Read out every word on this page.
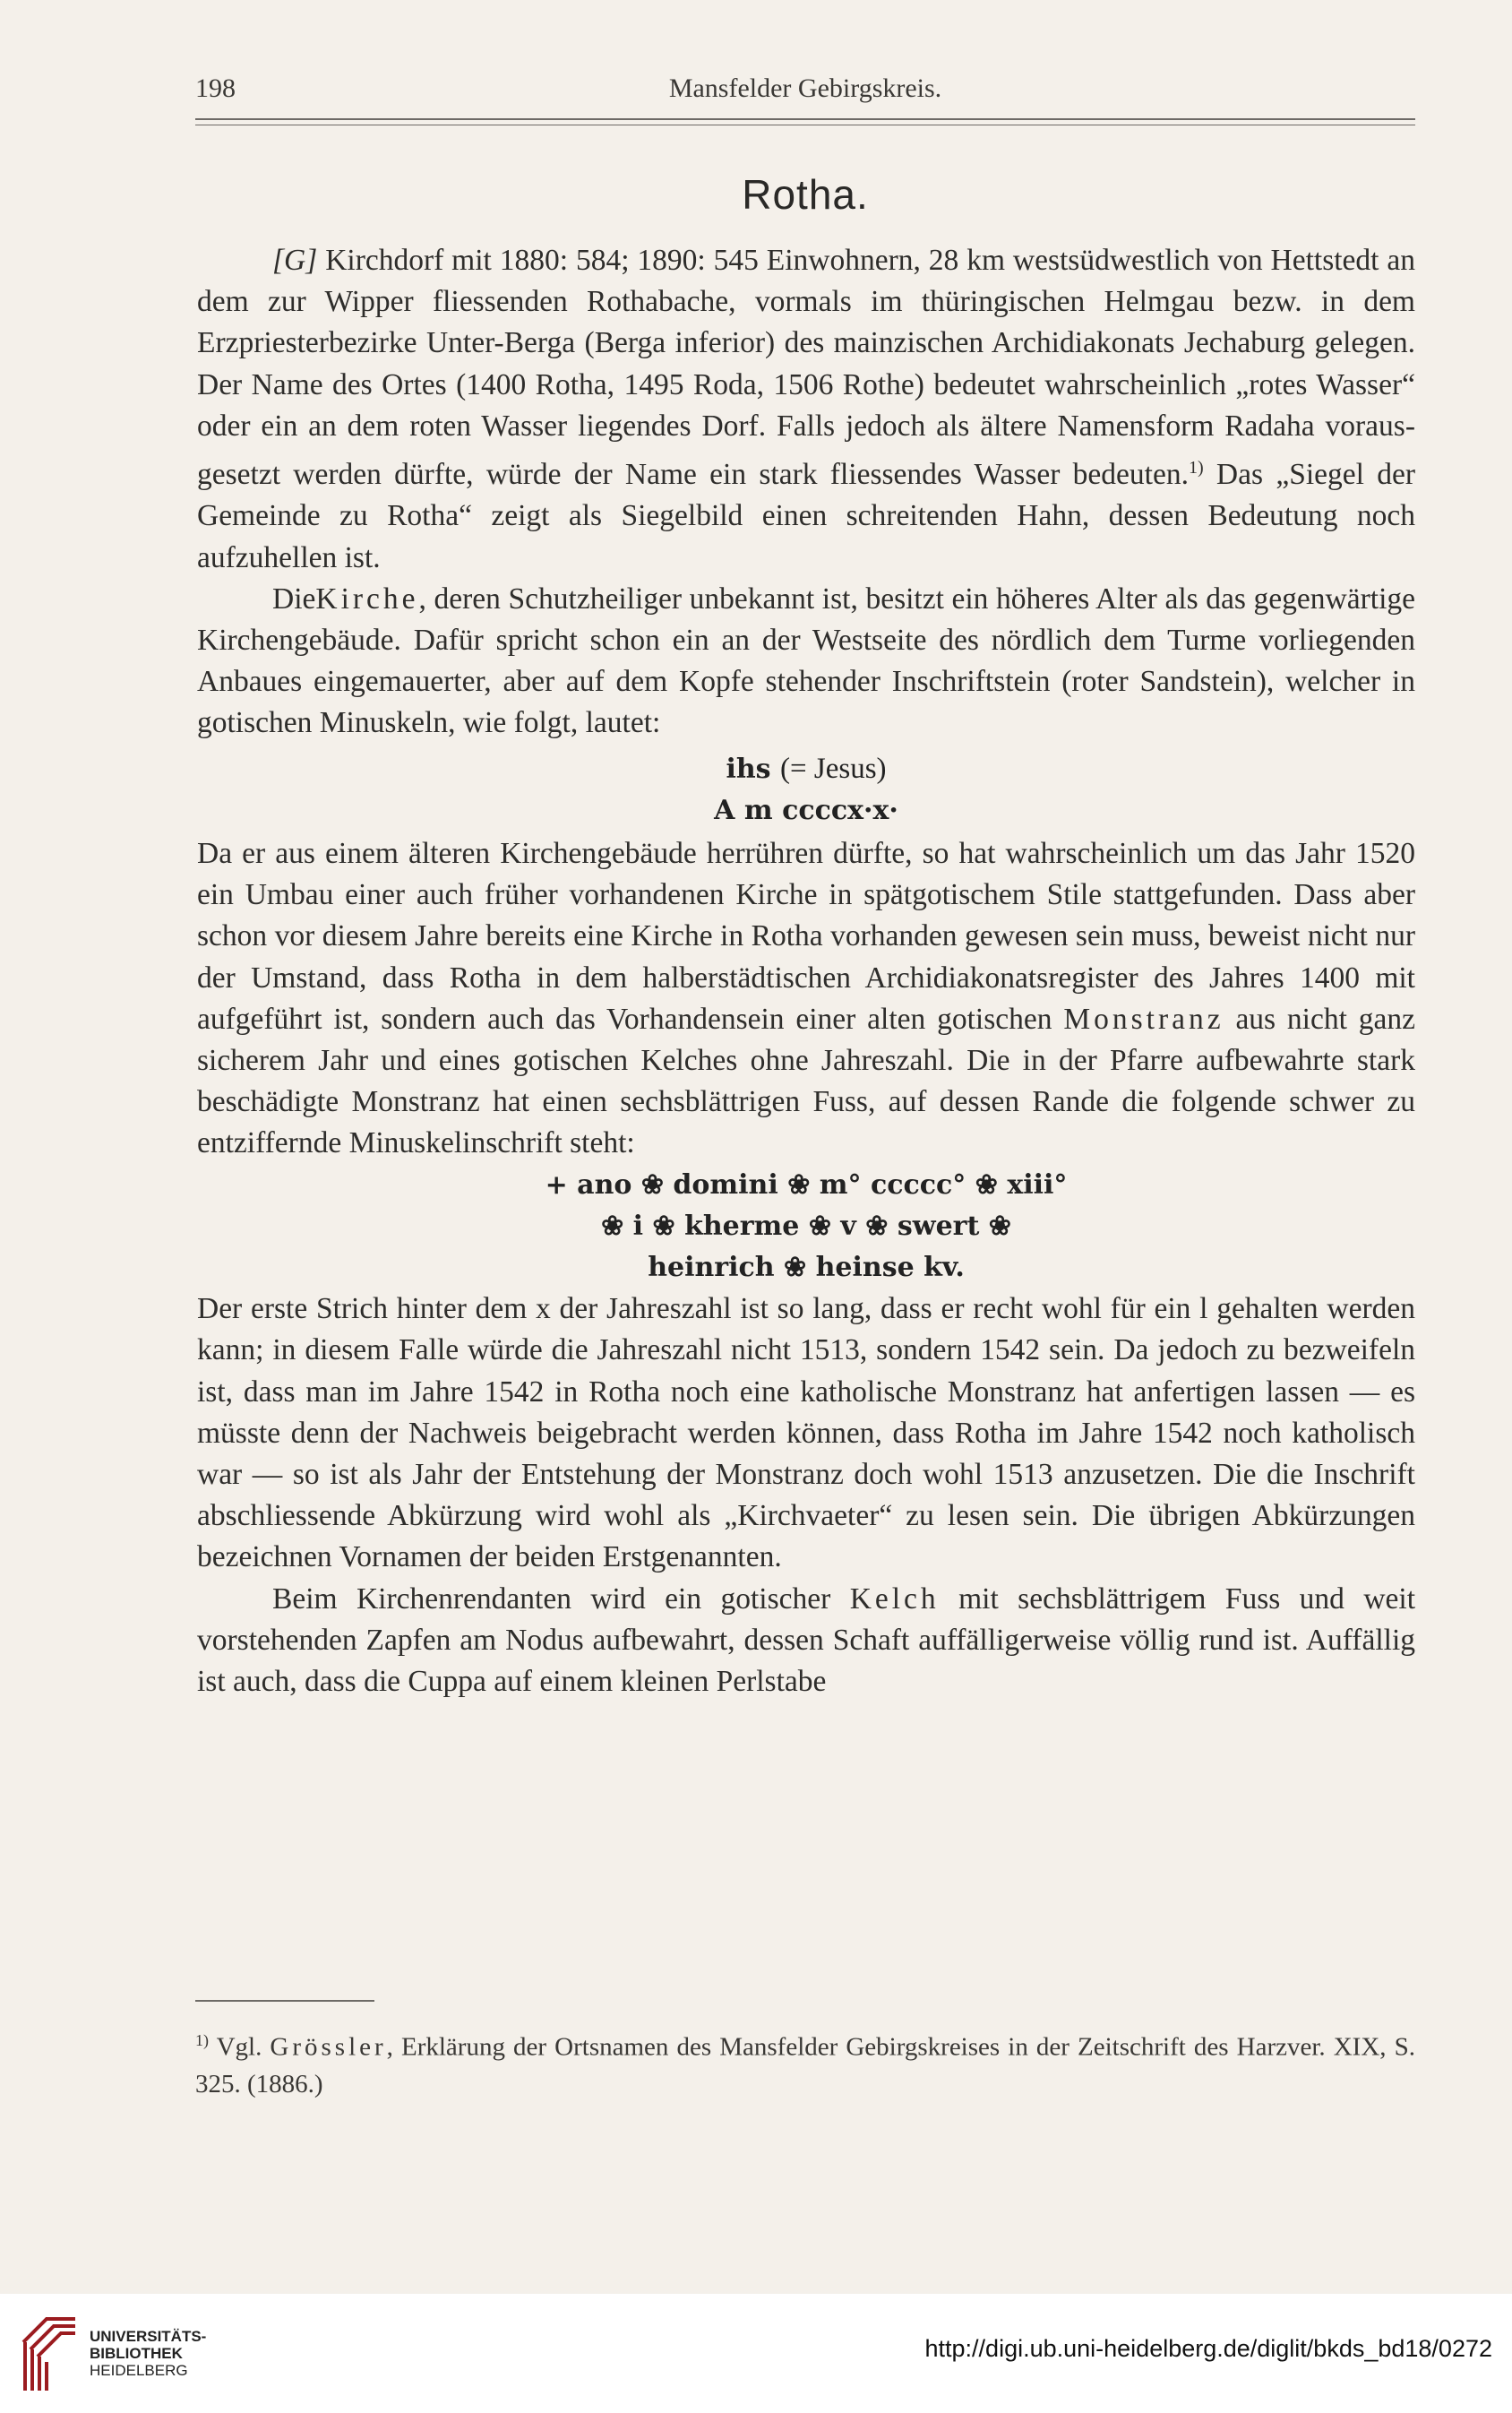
198	Mansfelder Gebirgskreis.
Rotha.

[G] Kirchdorf mit 1880: 584; 1890: 545 Einwohnern, 28 km westsüdwestlich von Hettstedt an dem zur Wipper fliessenden Rothabache, vormals im thüringischen Helmgau bezw. in dem Erzpriesterbezirke Unter-Berga (Berga inferior) des mainzischen Archidiakonats Jechaburg gelegen. Der Name des Ortes (1400 Rotha, 1495 Roda, 1506 Rothe) bedeutet wahrscheinlich „rotes Wasser“ oder ein an dem roten Wasser liegendes Dorf. Falls jedoch als ältere Namensform Radaha vorausgesetzt werden dürfte, würde der Name ein stark fliessendes Wasser bedeuten.$^{1)}$ Das „Siegel der Gemeinde zu Rotha“ zeigt als Siegelbild einen schreitenden Hahn, dessen Bedeutung noch aufzuhellen ist.

DieKirche, deren Schutzheiliger unbekannt ist, besitzt ein höheres Alter als das gegenwärtige Kirchengebäude. Dafür spricht schon ein an der Westseite des nördlich dem Turme vorliegenden Anbaues eingemauerter, aber auf dem Kopfe stehender Inschriftstein (roter Sandstein), welcher in gotischen Minuskeln, wie folgt, lautet:

ihs (= Jesus)
A m ccccx·x·

Da er aus einem älteren Kirchengebäude herrühren dürfte, so hat wahrscheinlich um das Jahr 1520 ein Umbau einer auch früher vorhandenen Kirche in spätgotischem Stile stattgefunden. Dass aber schon vor diesem Jahre bereits eine Kirche in Rotha vorhanden gewesen sein muss, beweist nicht nur der Umstand, dass Rotha in dem halberstädtischen Archidiakonatsregister des Jahres 1400 mit aufgeführt ist, sondern auch das Vorhandensein einer alten gotischen Monstranz aus nicht ganz sicherem Jahr und eines gotischen Kelches ohne Jahreszahl. Die in der Pfarre aufbewahrte stark beschädigte Monstranz hat einen sechsblättrigen Fuss, auf dessen Rande die folgende schwer zu entziffernde Minuskelinschrift steht:

+ ano ❀ domini ❀ m° ccccc° ❀ xiii°
❀ i ❀ kherme ❀ v ❀ swert ❀
heinrich ❀ heinse kv.

Der erste Strich hinter dem x der Jahreszahl ist so lang, dass er recht wohl für ein l gehalten werden kann; in diesem Falle würde die Jahreszahl nicht 1513, sondern 1542 sein. Da jedoch zu bezweifeln ist, dass man im Jahre 1542 in Rotha noch eine katholische Monstranz hat anfertigen lassen — es müsste denn der Nachweis beigebracht werden können, dass Rotha im Jahre 1542 noch katholisch war — so ist als Jahr der Entstehung der Monstranz doch wohl 1513 anzusetzen. Die die Inschrift abschliessende Abkürzung wird wohl als „Kirchvaeter“ zu lesen sein. Die übrigen Abkürzungen bezeichnen Vornamen der beiden Erstgenannten.

Beim Kirchenrendanten wird ein gotischer Kelch mit sechsblättrigem Fuss und weit vorstehenden Zapfen am Nodus aufbewahrt, dessen Schaft auffälligerweise völlig rund ist. Auffällig ist auch, dass die Cuppa auf einem kleinen Perlstabe

$^{1)}$ Vgl. Grössler, Erklärung der Ortsnamen des Mansfelder Gebirgskreises in der Zeitschrift des Harzver. XIX, S. 325. (1886.)
UNIVERSITÄTS-
BIBLIOTHEK
HEIDELBERG
http://digi.ub.uni-heidelberg.de/diglit/bkds_bd18/0272
